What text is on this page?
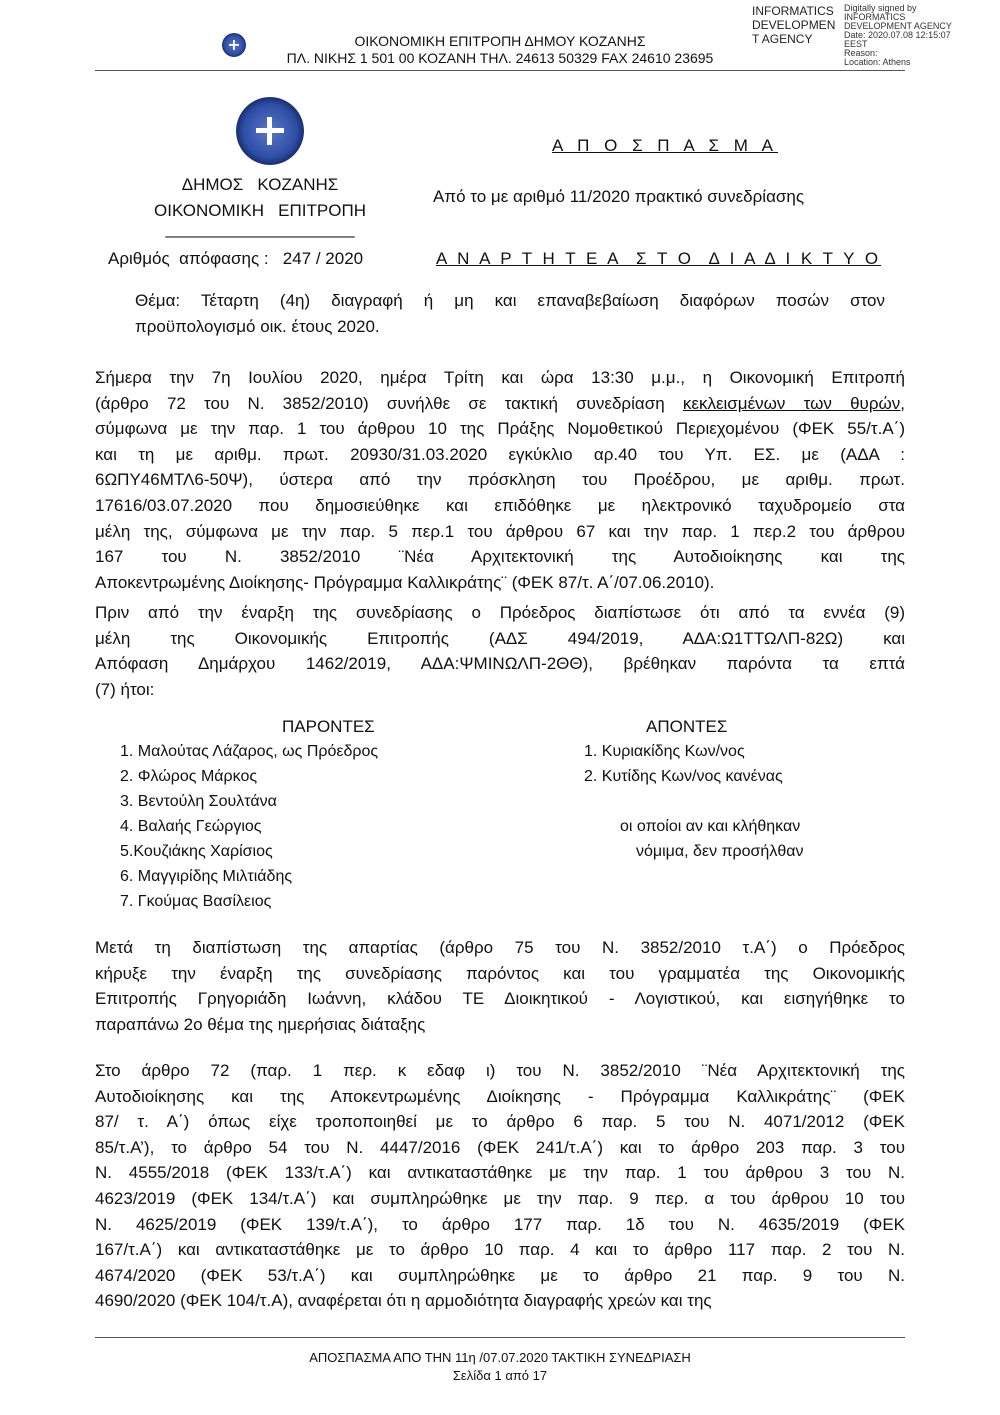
ΟΙΚΟΝΟΜΙΚΗ ΕΠΙΤΡΟΠΗ ΔΗΜΟΥ ΚΟΖΑΝΗΣ
ΠΛ. ΝΙΚΗΣ 1 501 00 ΚΟΖΑΝΗ ΤΗΛ. 24613 50329 FAX 24610 23695
INFORMATICS
DEVELOPMEN
T AGENCY
Digitally signed by
INFORMATICS
DEVELOPMENT AGENCY
Date: 2020.07.08 12:15:07
EEST
Reason:
Location: Athens
ΔΗΜΟΣ   ΚΟΖΑΝΗΣ
ΟΙΚΟΝΟΜΙΚΗ   ΕΠΙΤΡΟΠΗ
____________________
Α Π Ο Σ Π Α Σ Μ Α
Από το με αριθμό 11/2020 πρακτικό συνεδρίασης
Αριθμός  απόφασης :   247 / 2020	Α Ν Α Ρ Τ Η Τ Ε Α  Σ Τ Ο  Δ Ι Α Δ Ι Κ Τ Υ Ο
Θέμα: Τέταρτη (4η) διαγραφή ή μη και επαναβεβαίωση διαφόρων ποσών στον
προϋπολογισμό οικ. έτους 2020.
Σήμερα την 7η Ιουλίου 2020, ημέρα Τρίτη και ώρα 13:30 μ.μ., η Οικονομική Επιτροπή
(άρθρο 72 του Ν. 3852/2010) συνήλθε σε τακτική συνεδρίαση κεκλεισμένων των θυρών,
σύμφωνα με την παρ. 1 του άρθρου 10 της Πράξης Νομοθετικού Περιεχομένου (ΦΕΚ 55/τ.Α΄)
και τη με αριθμ. πρωτ. 20930/31.03.2020 εγκύκλιο αρ.40 του Υπ. ΕΣ. με (ΑΔΑ :
6ΩΠΥ46ΜΤΛ6-50Ψ), ύστερα από την πρόσκληση του Προέδρου, με αριθμ. πρωτ.
17616/03.07.2020 που δημοσιεύθηκε και επιδόθηκε με ηλεκτρονικό ταχυδρομείο στα
μέλη της, σύμφωνα με την παρ. 5 περ.1 του άρθρου 67 και την παρ. 1 περ.2 του άρθρου
167 του Ν. 3852/2010 ¨Νέα Αρχιτεκτονική της Αυτοδιοίκησης και της
Αποκεντρωμένης Διοίκησης- Πρόγραμμα Καλλικράτης¨ (ΦΕΚ 87/τ. Α΄/07.06.2010).
Πριν από την έναρξη της συνεδρίασης ο Πρόεδρος διαπίστωσε ότι από τα εννέα (9)
μέλη της Οικονομικής Επιτροπής (ΑΔΣ 494/2019, ΑΔΑ:Ω1ΤΤΩΛΠ-82Ω) και
Απόφαση Δημάρχου 1462/2019, ΑΔΑ:ΨΜΙΝΩΛΠ-2ΘΘ), βρέθηκαν παρόντα τα επτά
(7) ήτοι:
ΠΑΡΟΝΤΕΣ
1. Μαλούτας Λάζαρος, ως Πρόεδρος
2. Φλώρος Μάρκος
3. Βεντούλη Σουλτάνα
4. Βαλαής Γεώργιος
5.Κουζιάκης Χαρίσιος
6. Μαγγιρίδης Μιλτιάδης
7. Γκούμας Βασίλειος
ΑΠΟΝΤΕΣ
1. Κυριακίδης Κων/νος
2. Κυτίδης Κων/νος κανένας
οι οποίοι αν και κλήθηκαν
νόμιμα, δεν προσήλθαν
Μετά τη διαπίστωση της απαρτίας (άρθρο 75 του Ν. 3852/2010 τ.Α΄) ο Πρόεδρος
κήρυξε την έναρξη της συνεδρίασης παρόντος και του γραμματέα της Οικονομικής
Επιτροπής Γρηγοριάδη Ιωάννη, κλάδου ΤΕ Διοικητικού - Λογιστικού, και εισηγήθηκε το
παραπάνω 2ο θέμα της ημερήσιας διάταξης
Στο άρθρο 72 (παρ. 1 περ. κ εδαφ ι) του Ν. 3852/2010 ¨Νέα Αρχιτεκτονική της
Αυτοδιοίκησης και της Αποκεντρωμένης Διοίκησης - Πρόγραμμα Καλλικράτης¨ (ΦΕΚ
87/ τ. Α΄) όπως είχε τροποποιηθεί με το άρθρο 6 παρ. 5 του Ν. 4071/2012 (ΦΕΚ
85/τ.Α’), το άρθρο 54 του Ν. 4447/2016 (ΦΕΚ 241/τ.Α΄) και το άρθρο 203 παρ. 3 του
Ν. 4555/2018 (ΦΕΚ 133/τ.Α΄) και αντικαταστάθηκε με την παρ. 1 του άρθρου 3 του Ν.
4623/2019 (ΦΕΚ 134/τ.Α΄) και συμπληρώθηκε με την παρ. 9 περ. α του άρθρου 10 του
Ν. 4625/2019 (ΦΕΚ 139/τ.Α΄), το άρθρο 177 παρ. 1δ του Ν. 4635/2019 (ΦΕΚ
167/τ.Α΄) και αντικαταστάθηκε με το άρθρο 10 παρ. 4 και το άρθρο 117 παρ. 2 του Ν.
4674/2020 (ΦΕΚ 53/τ.Α΄) και συμπληρώθηκε με το άρθρο 21 παρ. 9 του Ν.
4690/2020 (ΦΕΚ 104/τ.Α), αναφέρεται ότι η αρμοδιότητα διαγραφής χρεών και της
ΑΠΟΣΠΑΣΜΑ ΑΠΟ ΤΗΝ 11η /07.07.2020 ΤΑΚΤΙΚΗ ΣΥΝΕΔΡΙΑΣΗ
Σελίδα 1 από 17
